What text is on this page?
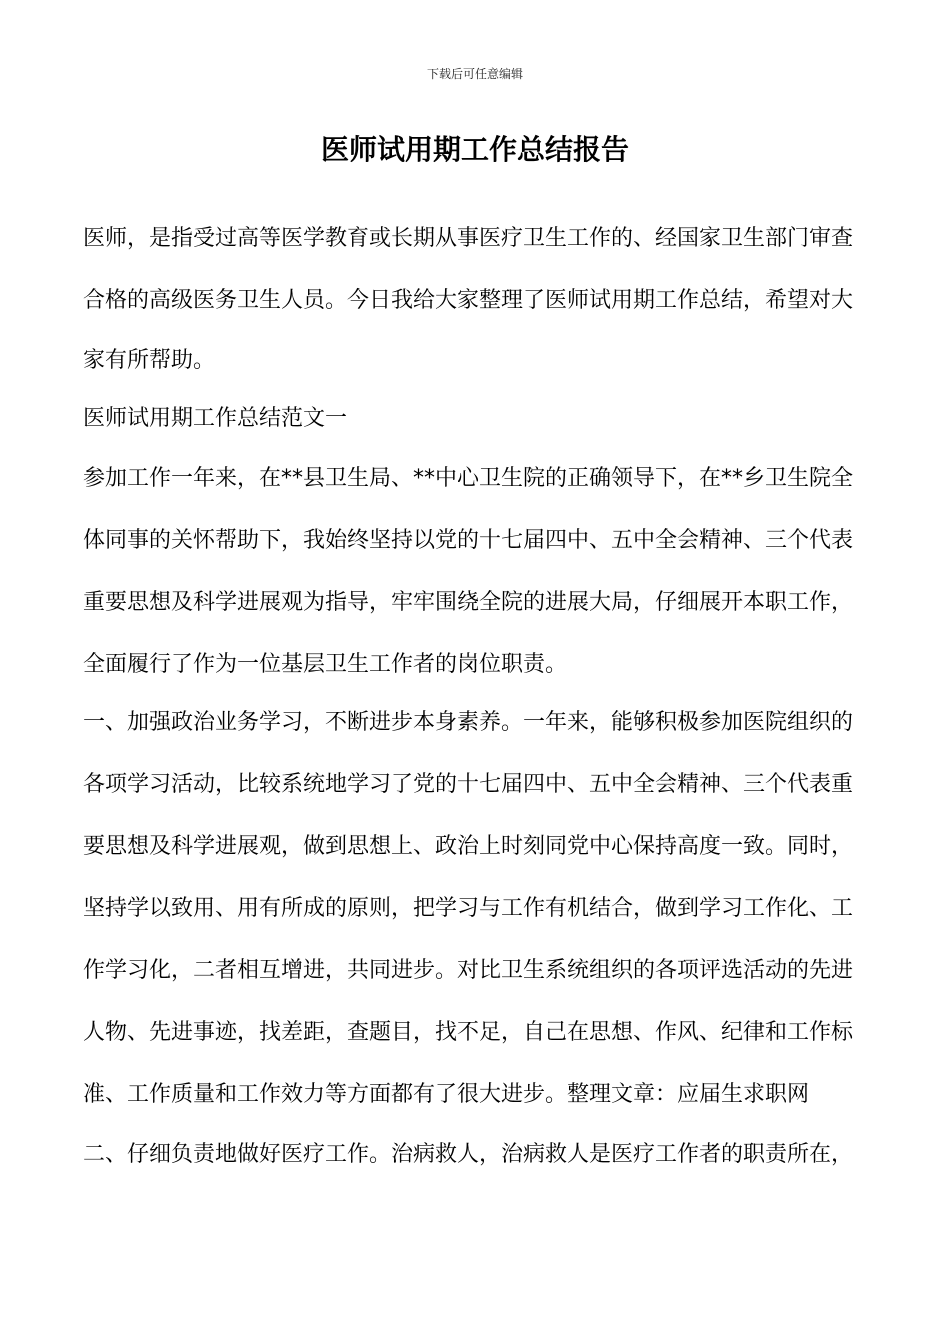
下载后可任意编辑
医师试用期工作总结报告
医师，是指受过高等医学教育或长期从事医疗卫生工作的、经国家卫生部门审查
合格的高级医务卫生人员。今日我给大家整理了医师试用期工作总结，希望对大
家有所帮助。
医师试用期工作总结范文一
参加工作一年来，在**县卫生局、**中心卫生院的正确领导下，在**乡卫生院全
体同事的关怀帮助下，我始终坚持以党的十七届四中、五中全会精神、三个代表
重要思想及科学进展观为指导，牢牢围绕全院的进展大局，仔细展开本职工作，
全面履行了作为一位基层卫生工作者的岗位职责。
一、加强政治业务学习，不断进步本身素养。一年来，能够积极参加医院组织的
各项学习活动，比较系统地学习了党的十七届四中、五中全会精神、三个代表重
要思想及科学进展观，做到思想上、政治上时刻同党中心保持高度一致。同时，
坚持学以致用、用有所成的原则，把学习与工作有机结合，做到学习工作化、工
作学习化，二者相互增进，共同进步。对比卫生系统组织的各项评选活动的先进
人物、先进事迹，找差距，查题目，找不足，自己在思想、作风、纪律和工作标
准、工作质量和工作效力等方面都有了很大进步。整理文章：应届生求职网
二、仔细负责地做好医疗工作。治病救人，治病救人是医疗工作者的职责所在，
